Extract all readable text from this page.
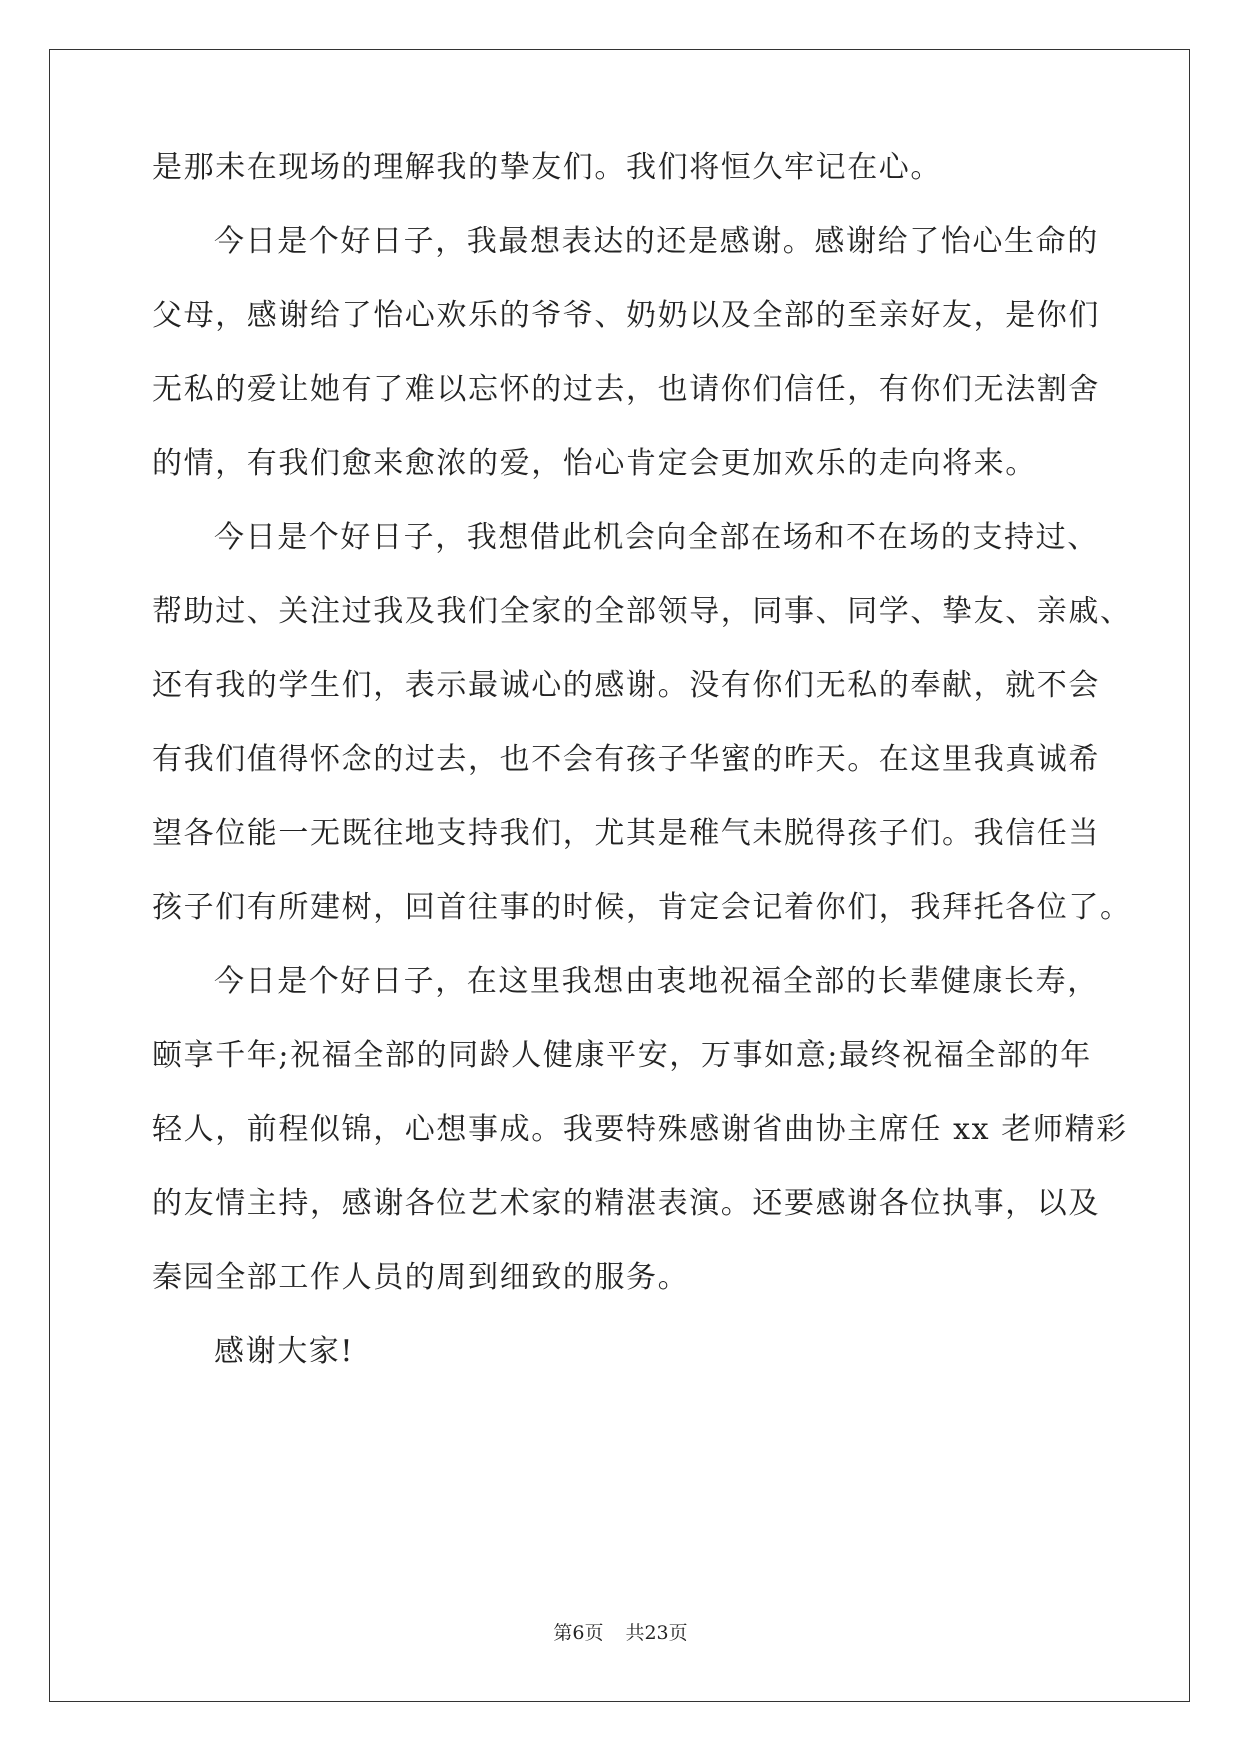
是那未在现场的理解我的挚友们。我们将恒久牢记在心。
今日是个好日子，我最想表达的还是感谢。感谢给了怡心生命的
父母，感谢给了怡心欢乐的爷爷、奶奶以及全部的至亲好友，是你们
无私的爱让她有了难以忘怀的过去，也请你们信任，有你们无法割舍
的情，有我们愈来愈浓的爱，怡心肯定会更加欢乐的走向将来。
今日是个好日子，我想借此机会向全部在场和不在场的支持过、
帮助过、关注过我及我们全家的全部领导，同事、同学、挚友、亲戚、
还有我的学生们，表示最诚心的感谢。没有你们无私的奉献，就不会
有我们值得怀念的过去，也不会有孩子华蜜的昨天。在这里我真诚希
望各位能一无既往地支持我们，尤其是稚气未脱得孩子们。我信任当
孩子们有所建树，回首往事的时候，肯定会记着你们，我拜托各位了。
今日是个好日子，在这里我想由衷地祝福全部的长辈健康长寿，
颐享千年;祝福全部的同龄人健康平安，万事如意;最终祝福全部的年
轻人，前程似锦，心想事成。我要特殊感谢省曲协主席任 xx 老师精彩
的友情主持，感谢各位艺术家的精湛表演。还要感谢各位执事，以及
秦园全部工作人员的周到细致的服务。
感谢大家!
第6页 共23页
